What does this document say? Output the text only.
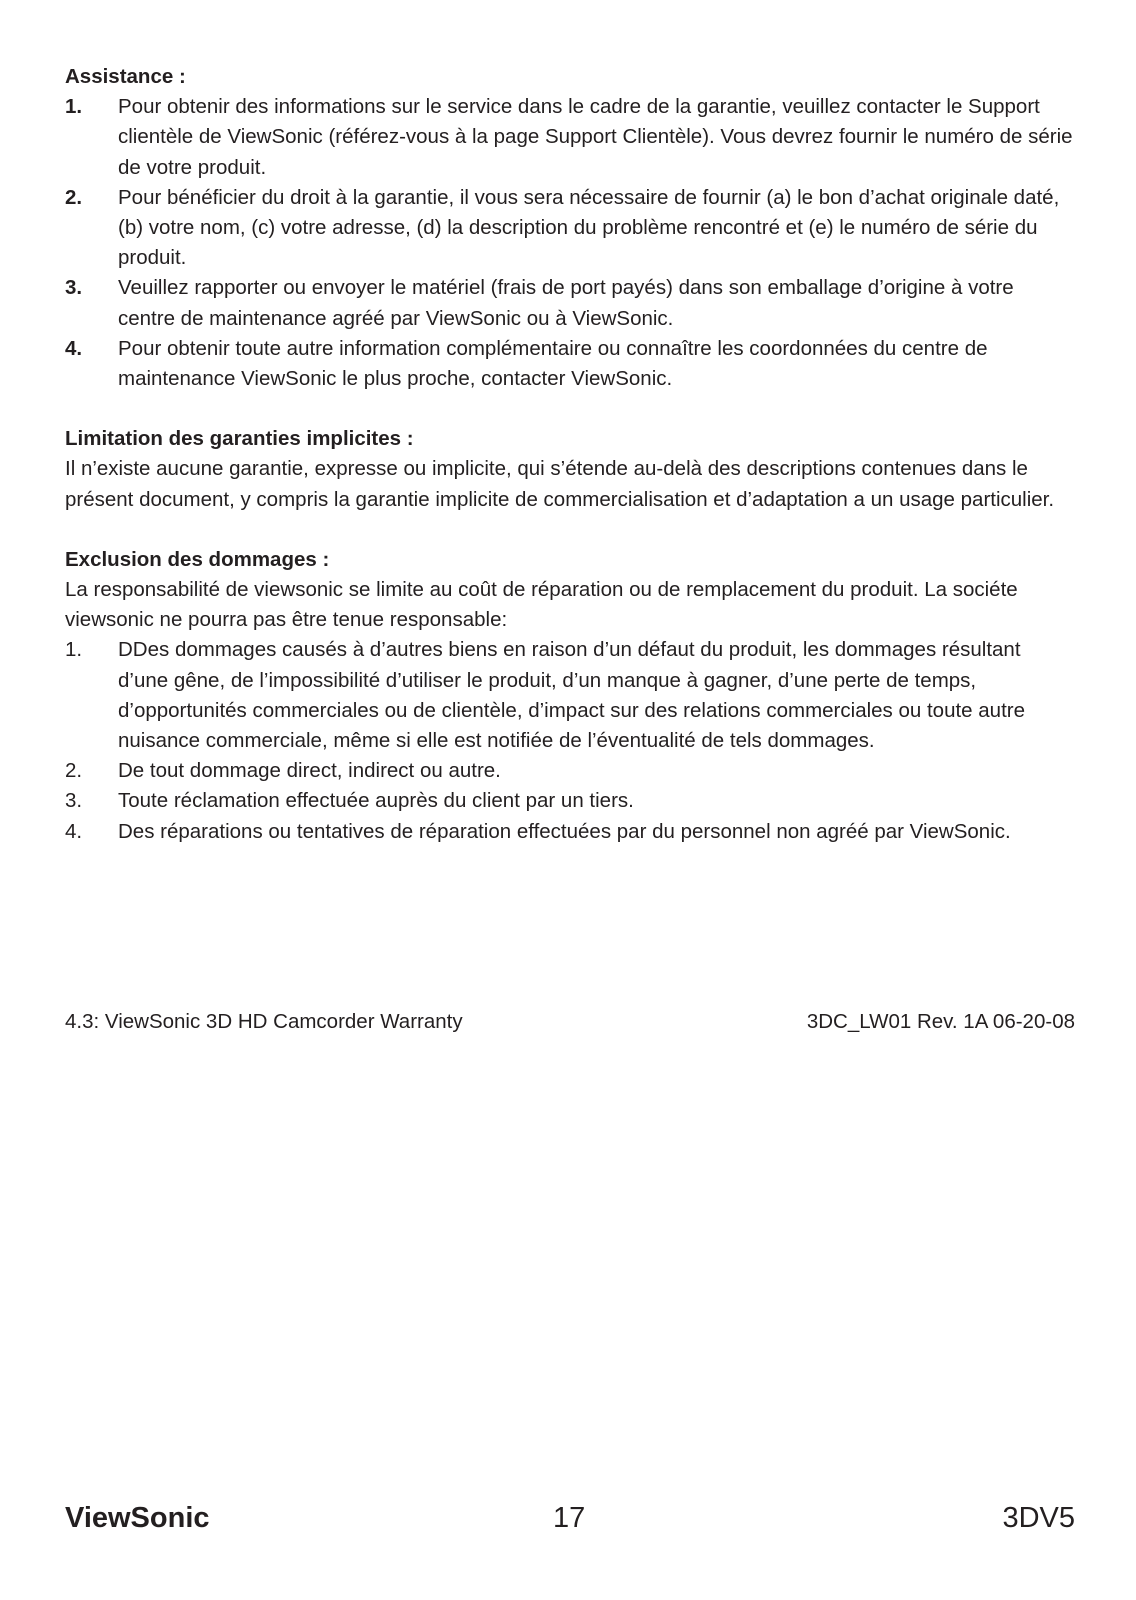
Assistance :

1. Pour obtenir des informations sur le service dans le cadre de la garantie, veuillez contacter le Support clientèle de ViewSonic (référez-vous à la page Support Clientèle). Vous devrez fournir le numéro de série de votre produit.
2. Pour bénéficier du droit à la garantie, il vous sera nécessaire de fournir (a) le bon d’achat originale daté, (b) votre nom, (c) votre adresse, (d) la description du problème rencontré et (e) le numéro de série du produit.
3. Veuillez rapporter ou envoyer le matériel (frais de port payés) dans son emballage d’origine à votre centre de maintenance agréé par ViewSonic ou à ViewSonic.
4. Pour obtenir toute autre information complémentaire ou connaître les coordonnées du centre de maintenance ViewSonic le plus proche, contacter ViewSonic.

Limitation des garanties implicites :

Il n’existe aucune garantie, expresse ou implicite, qui s’étende au-delà des descriptions contenues dans le présent document, y compris la garantie implicite de commercialisation et d’adaptation a un usage particulier.

Exclusion des dommages :

La responsabilité de viewsonic se limite au coût de réparation ou de remplacement du produit. La sociéte viewsonic ne pourra pas être tenue responsable:

1. DDes dommages causés à d’autres biens en raison d’un défaut du produit, les dommages résultant d’une gêne, de l’impossibilité d’utiliser le produit, d’un manque à gagner, d’une perte de temps, d’opportunités commerciales ou de clientèle, d’impact sur des relations commerciales ou toute autre nuisance commerciale, même si elle est notifiée de l’éventualité de tels dommages.
2. De tout dommage direct, indirect ou autre.
3. Toute réclamation effectuée auprès du client par un tiers.
4. Des réparations ou tentatives de réparation effectuées par du personnel non agréé par ViewSonic.
4.3: ViewSonic 3D HD Camcorder Warranty	3DC_LW01 Rev. 1A 06-20-08
ViewSonic	17	3DV5
